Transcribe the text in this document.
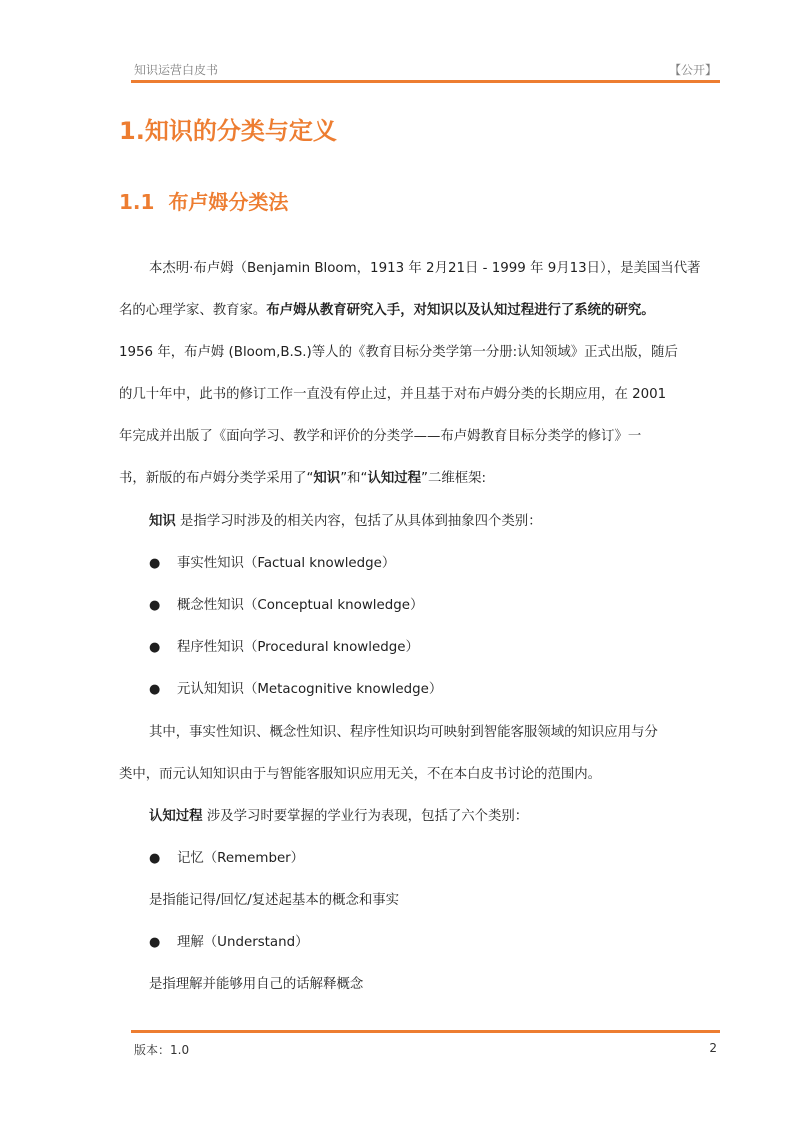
知识运营白皮书	【公开】
1.知识的分类与定义
1.1 布卢姆分类法
本杰明·布卢姆（Benjamin Bloom，1913 年 2月21日 - 1999 年 9月13日），是美国当代著
名的心理学家、教育家。布卢姆从教育研究入手，对知识以及认知过程进行了系统的研究。
1956 年，布卢姆 (Bloom,B.S.)等人的《教育目标分类学第一分册:认知领域》正式出版，随后
的几十年中，此书的修订工作一直没有停止过，并且基于对布卢姆分类的长期应用，在 2001
年完成并出版了《面向学习、教学和评价的分类学——布卢姆教育目标分类学的修订》一
书，新版的布卢姆分类学采用了“知识”和“认知过程”二维框架:
知识 是指学习时涉及的相关内容，包括了从具体到抽象四个类别：
● 事实性知识（Factual knowledge）
● 概念性知识（Conceptual knowledge）
● 程序性知识（Procedural knowledge）
● 元认知知识（Metacognitive knowledge）
其中，事实性知识、概念性知识、程序性知识均可映射到智能客服领域的知识应用与分
类中，而元认知知识由于与智能客服知识应用无关，不在本白皮书讨论的范围内。
认知过程 涉及学习时要掌握的学业行为表现，包括了六个类别：
● 记忆（Remember）
是指能记得/回忆/复述起基本的概念和事实
● 理解（Understand）
是指理解并能够用自己的话解释概念
版本：1.0	2
